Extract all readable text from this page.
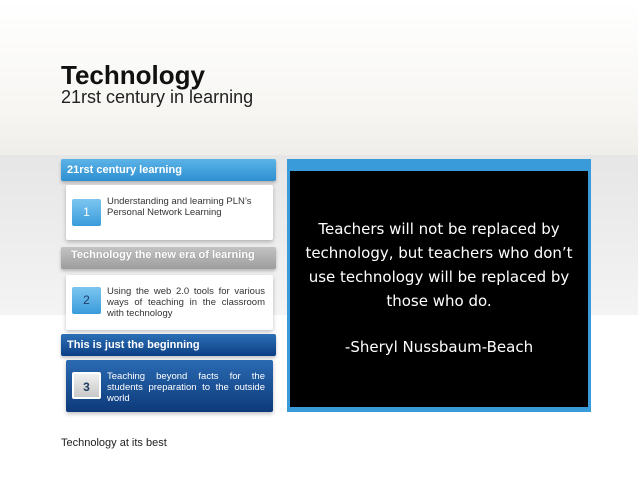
Technology
21rst century in learning
21rst century learning
1
Understanding and learning PLN’s Personal Network Learning
Technology the new era of learning
2
Using the web 2.0 tools for various ways of teaching in the classroom with technology
This is just the beginning
3
Teaching beyond facts for the students preparation to the outside world
Teachers will not be replaced by technology, but teachers who don’t use technology will be replaced by those who do.
-Sheryl Nussbaum-Beach
Technology at its best
